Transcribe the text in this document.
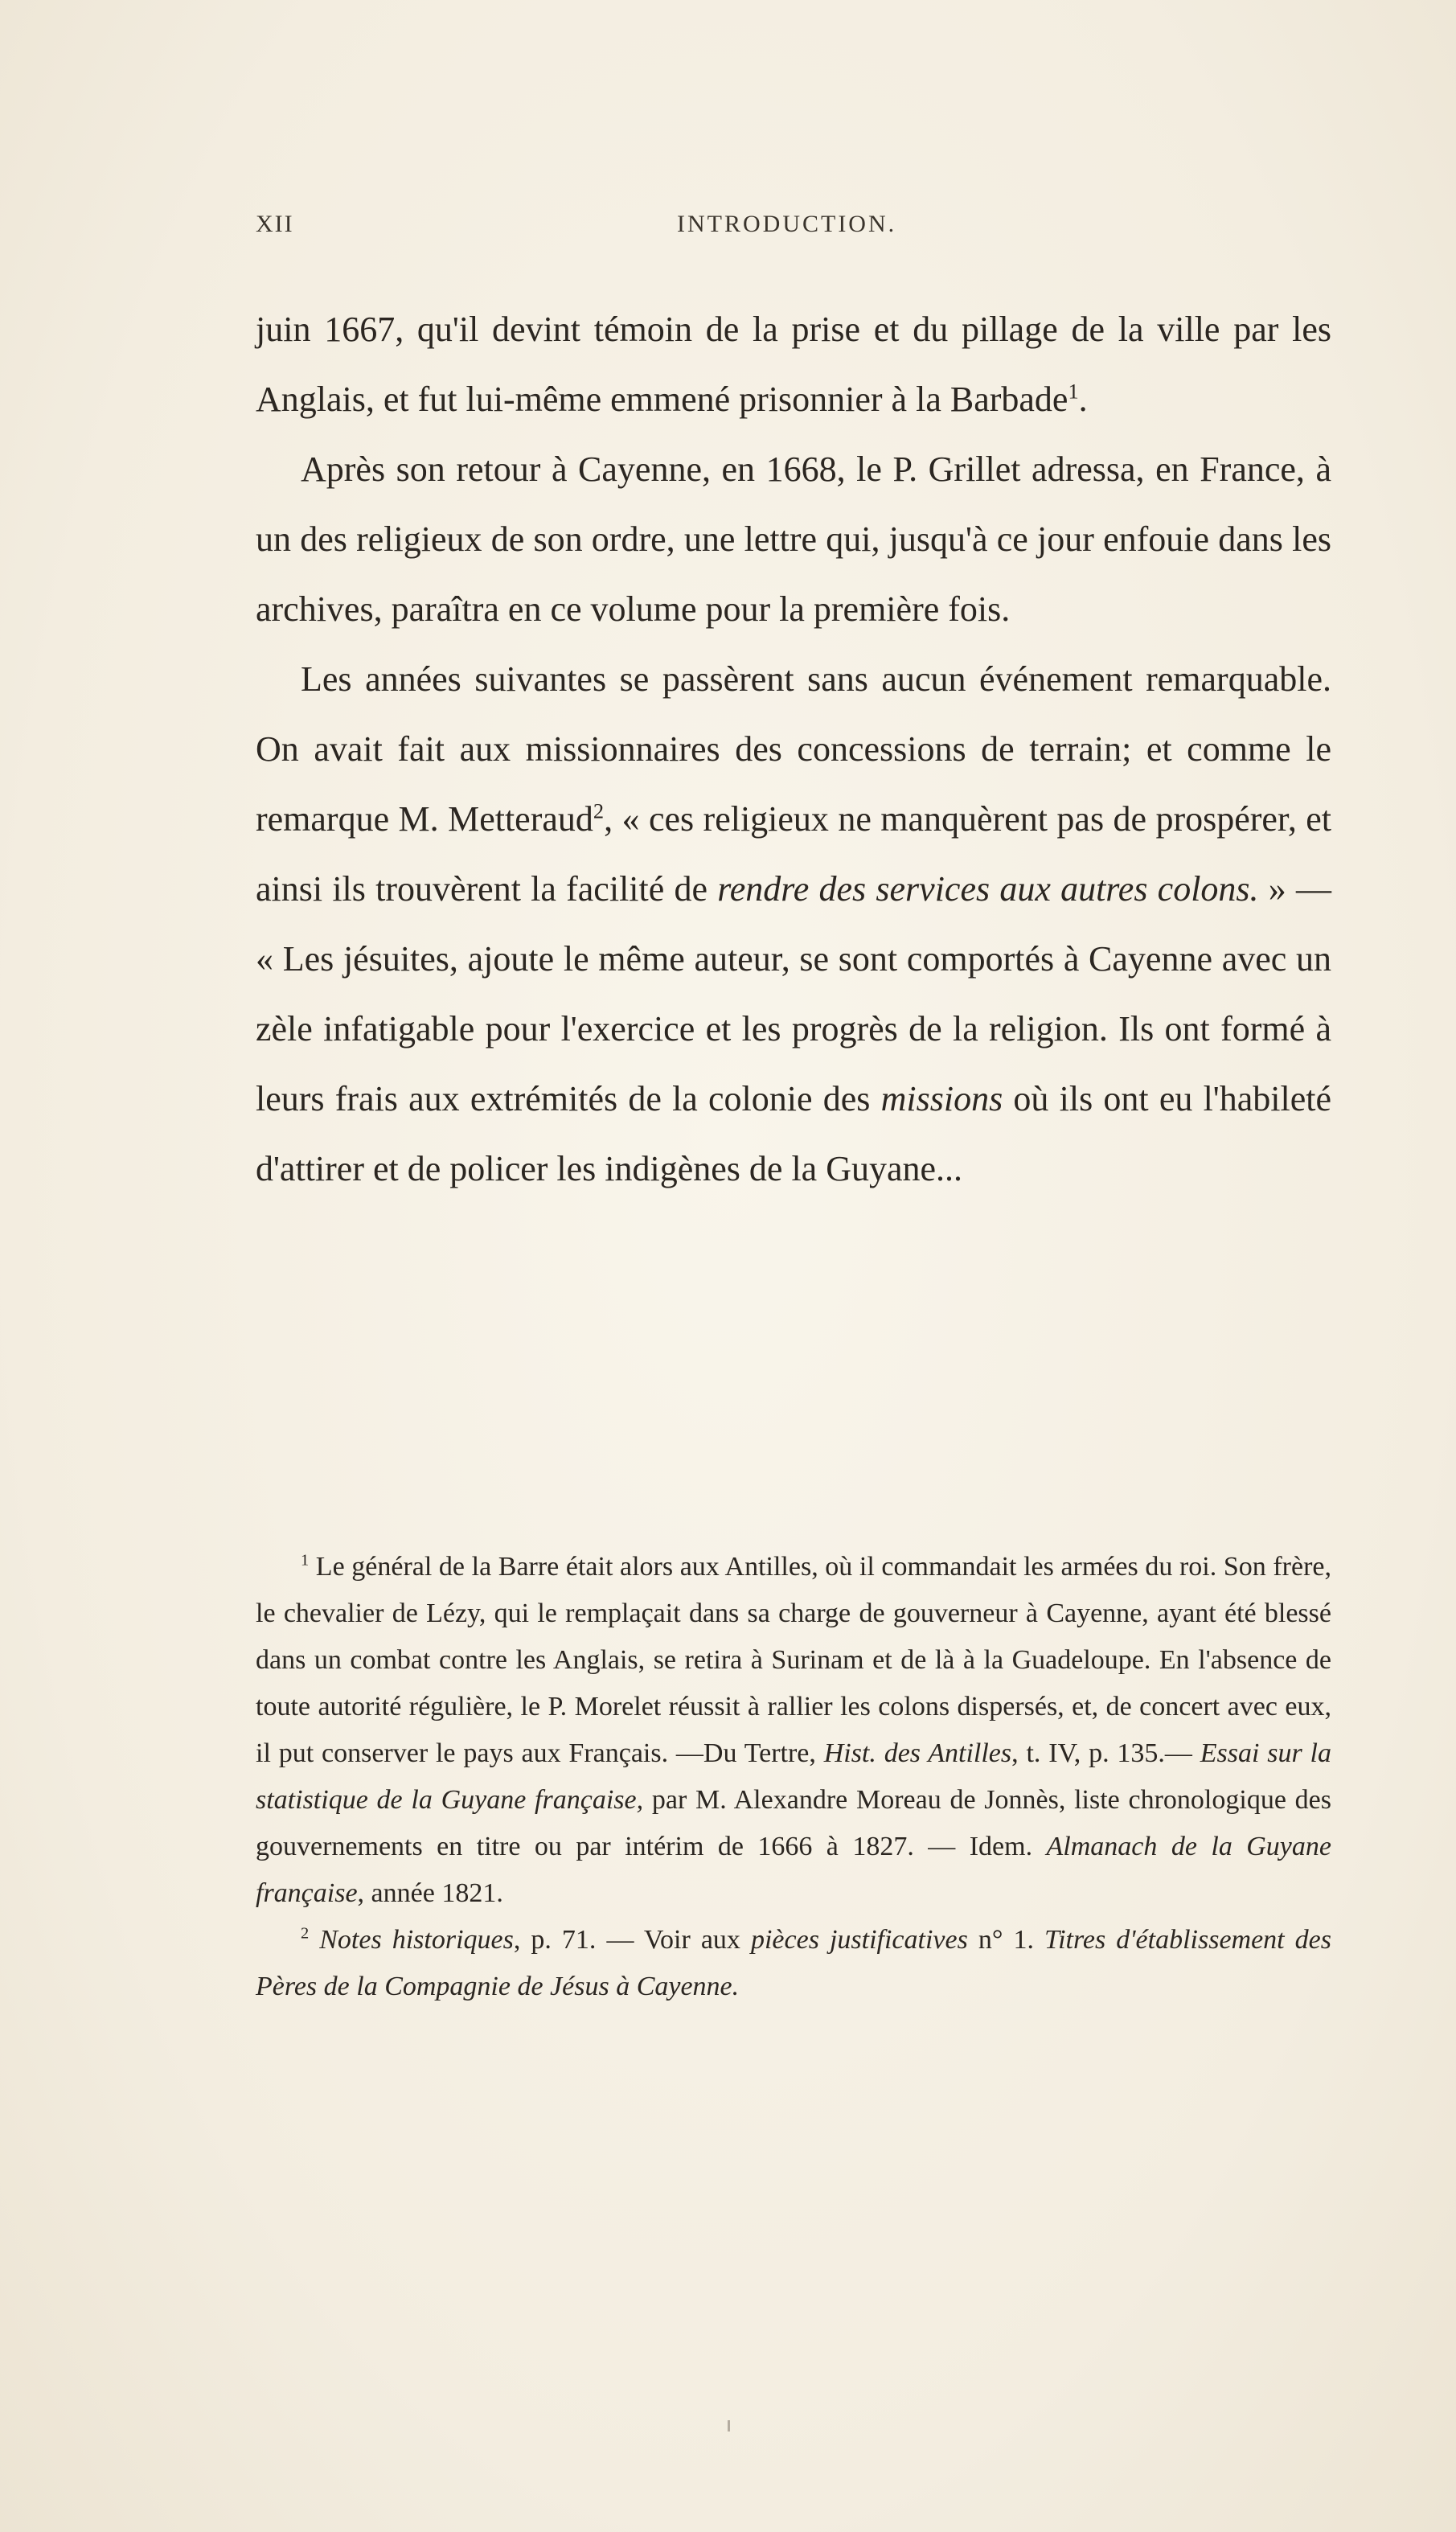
XII	INTRODUCTION.

juin 1667, qu'il devint témoin de la prise et du pillage de la ville par les Anglais, et fut lui-même emmené prisonnier à la Barbade$^1$.

Après son retour à Cayenne, en 1668, le P. Grillet adressa, en France, à un des religieux de son ordre, une lettre qui, jusqu'à ce jour enfouie dans les archives, paraîtra en ce volume pour la première fois.

Les années suivantes se passèrent sans aucun événement remarquable. On avait fait aux missionnaires des concessions de terrain; et comme le remarque M. Metteraud$^2$, « ces religieux ne manquèrent pas de prospérer, et ainsi ils trouvèrent la facilité de rendre des services aux autres colons. » — « Les jésuites, ajoute le même auteur, se sont comportés à Cayenne avec un zèle infatigable pour l'exercice et les progrès de la religion. Ils ont formé à leurs frais aux extrémités de la colonie des missions où ils ont eu l'habileté d'attirer et de policer les indigènes de la Guyane...

$^1$ Le général de la Barre était alors aux Antilles, où il commandait les armées du roi. Son frère, le chevalier de Lézy, qui le remplaçait dans sa charge de gouverneur à Cayenne, ayant été blessé dans un combat contre les Anglais, se retira à Surinam et de là à la Guadeloupe. En l'absence de toute autorité régulière, le P. Morelet réussit à rallier les colons dispersés, et, de concert avec eux, il put conserver le pays aux Français. —Du Tertre, Hist. des Antilles, t. IV, p. 135.— Essai sur la statistique de la Guyane française, par M. Alexandre Moreau de Jonnès, liste chronologique des gouvernements en titre ou par intérim de 1666 à 1827. — Idem. Almanach de la Guyane française, année 1821.

$^2$ Notes historiques, p. 71. — Voir aux pièces justificatives n° 1. Titres d'établissement des Pères de la Compagnie de Jésus à Cayenne.
